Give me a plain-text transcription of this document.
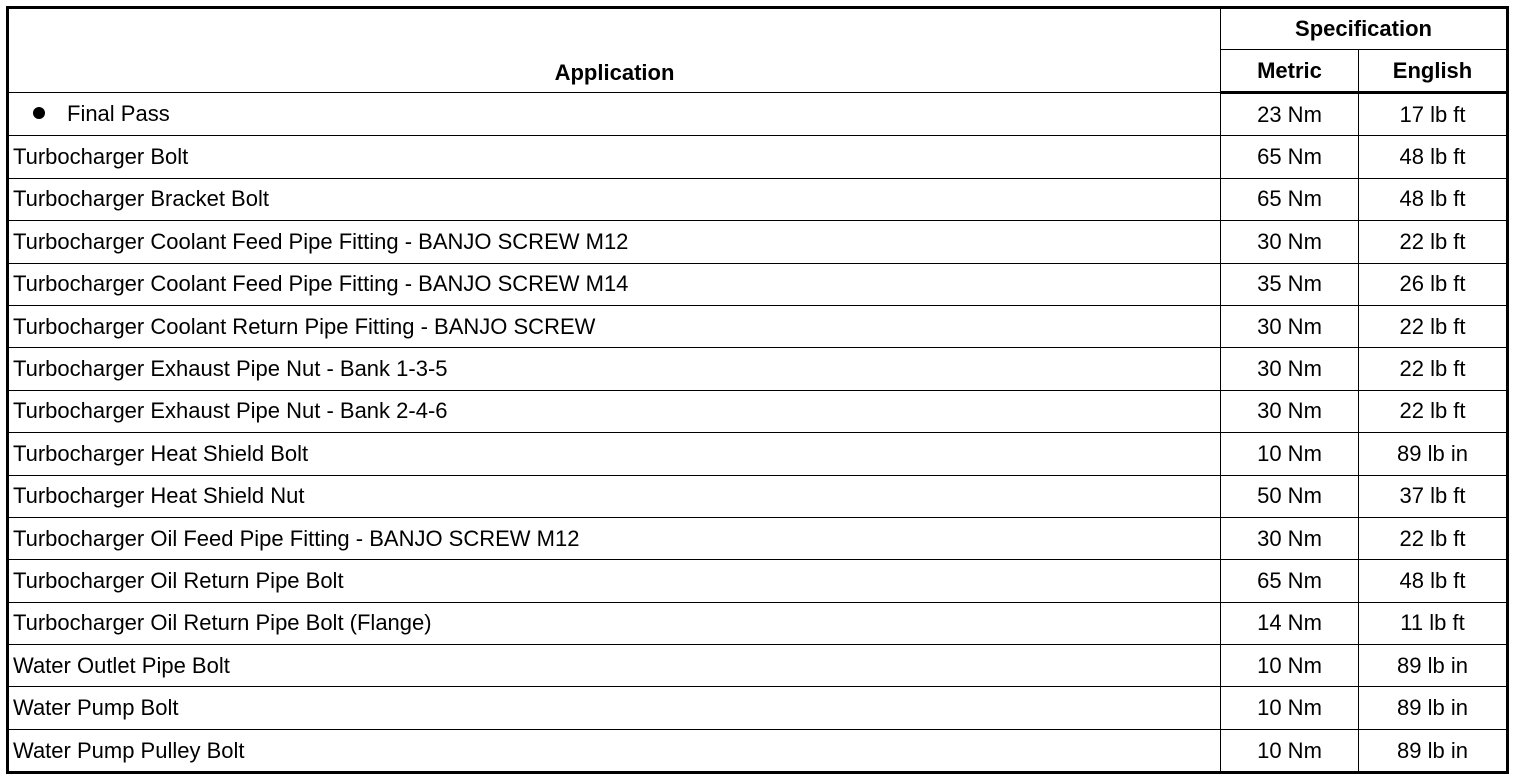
Application	Specification	
	Metric	English
Final Pass	23 Nm	17 lb ft
Turbocharger Bolt	65 Nm	48 lb ft
Turbocharger Bracket Bolt	65 Nm	48 lb ft
Turbocharger Coolant Feed Pipe Fitting - BANJO SCREW M12	30 Nm	22 lb ft
Turbocharger Coolant Feed Pipe Fitting - BANJO SCREW M14	35 Nm	26 lb ft
Turbocharger Coolant Return Pipe Fitting - BANJO SCREW	30 Nm	22 lb ft
Turbocharger Exhaust Pipe Nut - Bank 1-3-5	30 Nm	22 lb ft
Turbocharger Exhaust Pipe Nut - Bank 2-4-6	30 Nm	22 lb ft
Turbocharger Heat Shield Bolt	10 Nm	89 lb in
Turbocharger Heat Shield Nut	50 Nm	37 lb ft
Turbocharger Oil Feed Pipe Fitting - BANJO SCREW M12	30 Nm	22 lb ft
Turbocharger Oil Return Pipe Bolt	65 Nm	48 lb ft
Turbocharger Oil Return Pipe Bolt (Flange)	14 Nm	11 lb ft
Water Outlet Pipe Bolt	10 Nm	89 lb in
Water Pump Bolt	10 Nm	89 lb in
Water Pump Pulley Bolt	10 Nm	89 lb in
